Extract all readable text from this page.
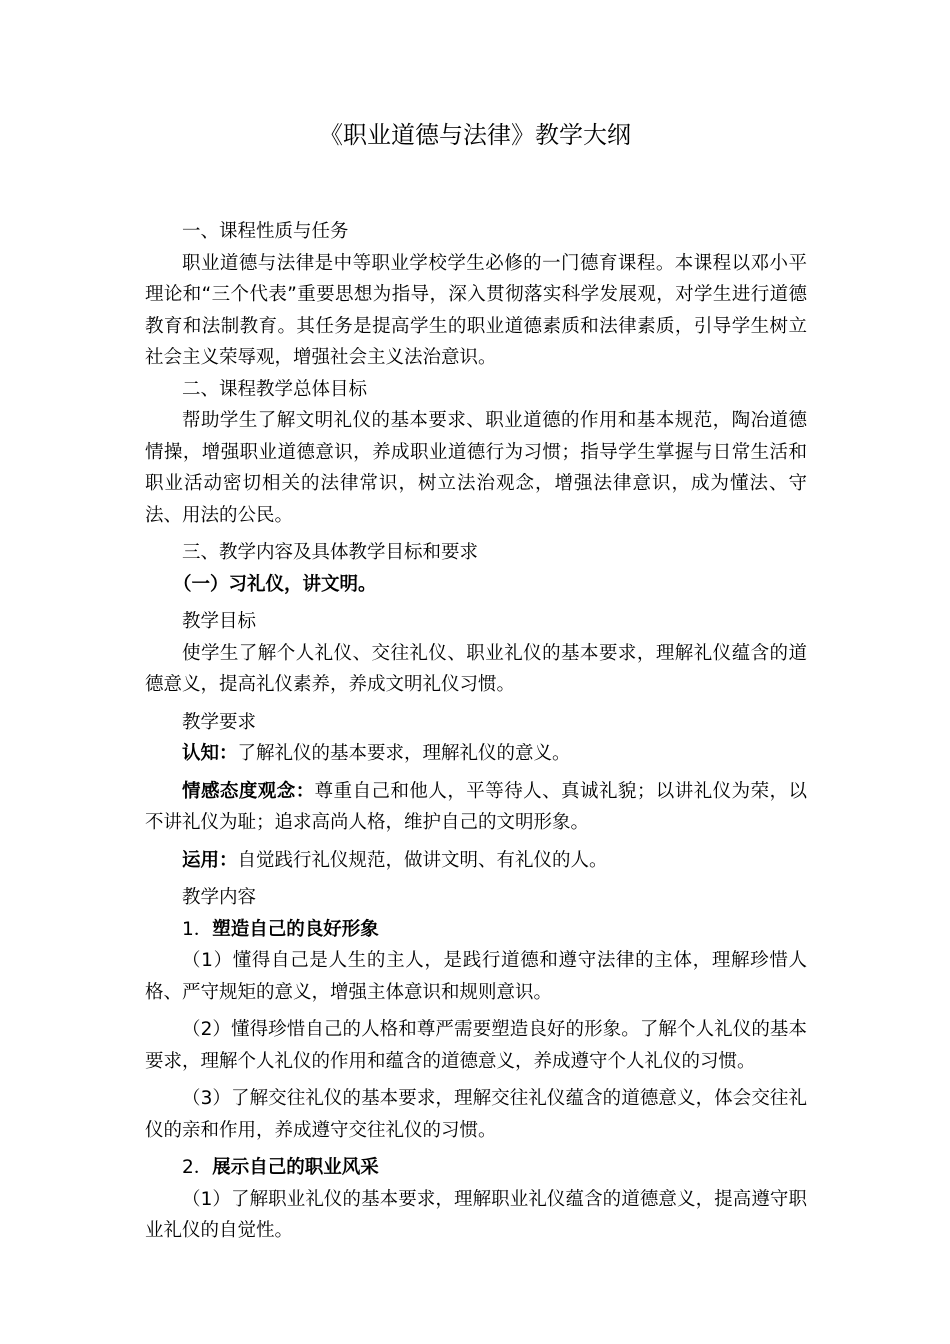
《职业道德与法律》教学大纲

一、课程性质与任务

职业道德与法律是中等职业学校学生必修的一门德育课程。本课程以邓小平理论和“三个代表”重要思想为指导，深入贯彻落实科学发展观，对学生进行道德教育和法制教育。其任务是提高学生的职业道德素质和法律素质，引导学生树立社会主义荣辱观，增强社会主义法治意识。

二、课程教学总体目标

帮助学生了解文明礼仪的基本要求、职业道德的作用和基本规范，陶冶道德情操，增强职业道德意识，养成职业道德行为习惯；指导学生掌握与日常生活和职业活动密切相关的法律常识，树立法治观念，增强法律意识，成为懂法、守法、用法的公民。

三、教学内容及具体教学目标和要求

（一）习礼仪，讲文明。

教学目标

使学生了解个人礼仪、交往礼仪、职业礼仪的基本要求，理解礼仪蕴含的道德意义，提高礼仪素养，养成文明礼仪习惯。

教学要求

认知：了解礼仪的基本要求，理解礼仪的意义。

情感态度观念：尊重自己和他人，平等待人、真诚礼貌；以讲礼仪为荣，以不讲礼仪为耻；追求高尚人格，维护自己的文明形象。

运用：自觉践行礼仪规范，做讲文明、有礼仪的人。

教学内容

1．塑造自己的良好形象

（1）懂得自己是人生的主人，是践行道德和遵守法律的主体，理解珍惜人格、严守规矩的意义，增强主体意识和规则意识。

（2）懂得珍惜自己的人格和尊严需要塑造良好的形象。了解个人礼仪的基本要求，理解个人礼仪的作用和蕴含的道德意义，养成遵守个人礼仪的习惯。

（3）了解交往礼仪的基本要求，理解交往礼仪蕴含的道德意义，体会交往礼仪的亲和作用，养成遵守交往礼仪的习惯。

2．展示自己的职业风采

（1）了解职业礼仪的基本要求，理解职业礼仪蕴含的道德意义，提高遵守职业礼仪的自觉性。
